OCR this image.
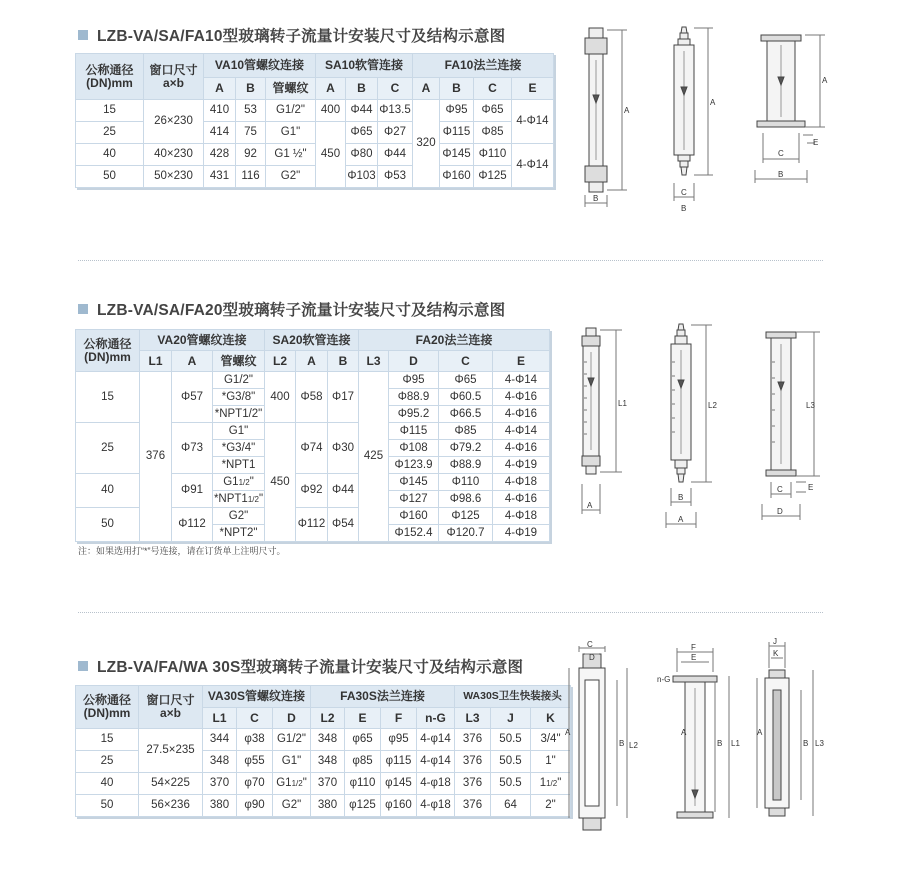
LZB-VA/SA/FA10型玻璃转子流量计安装尺寸及结构示意图
公称通径
(DN)mm	窗口尺寸
a×b	VA10管螺纹连接			SA10软管连接			FA10法兰连接			
		A	B	管螺纹	A	B	C	A	B	C	E
15	26×230	410	53	G1/2"	400	Φ44	Φ13.5	320	Φ95	Φ65	4-Φ14
25		414	75	G1"	450	Φ65	Φ27		Φ115	Φ85	
40	40×230	428	92	G1 ½"		Φ80	Φ44		Φ145	Φ110	4-Φ14
50	50×230	431	116	G2"		Φ103	Φ53		Φ160	Φ125	
A
B
A
C
B
A
C
B
E
LZB-VA/SA/FA20型玻璃转子流量计安装尺寸及结构示意图
公称通径
(DN)mm	VA20管螺纹连接			SA20软管连接			FA20法兰连接			
	L1	A	管螺纹	L2	A	B	L3	D	C	E
15	376	Φ57	G1/2"	400	Φ58	Φ17	425	Φ95	Φ65	4-Φ14
			*G3/8"					Φ88.9	Φ60.5	4-Φ16
			*NPT1/2"					Φ95.2	Φ66.5	4-Φ16
25		Φ73	G1"	450	Φ74	Φ30		Φ115	Φ85	4-Φ14
			*G3/4"					Φ108	Φ79.2	4-Φ16
			*NPT1					Φ123.9	Φ88.9	4-Φ19
40		Φ91	G11/2"		Φ92	Φ44		Φ145	Φ110	4-Φ18
			*NPT11/2"					Φ127	Φ98.6	4-Φ16
50		Φ112	G2"		Φ112	Φ54		Φ160	Φ125	4-Φ18
			*NPT2"					Φ152.4	Φ120.7	4-Φ19
注：如果选用打“*”号连接，请在订货单上注明尺寸。
L1
A
L2
B
A
L3
C
D
E
LZB-VA/FA/WA 30S型玻璃转子流量计安装尺寸及结构示意图
公称通径
(DN)mm	窗口尺寸
a×b	VA30S管螺纹连接			FA30S法兰连接				WA30S卫生快装接头		
		L1	C	D	L2	E	F	n-G	L3	J	K
15	27.5×235	344	φ38	G1/2"	348	φ65	φ95	4-φ14	376	50.5	3/4"
25		348	φ55	G1"	348	φ85	φ115	4-φ14	376	50.5	1"
40	54×225	370	φ70	G11/2"	370	φ110	φ145	4-φ18	376	50.5	11/2"
50	56×236	380	φ90	G2"	380	φ125	φ160	4-φ18	376	64	2"
C
D
A
B L2
F
E
n-G
A
B L1
J
K
A
B L3
